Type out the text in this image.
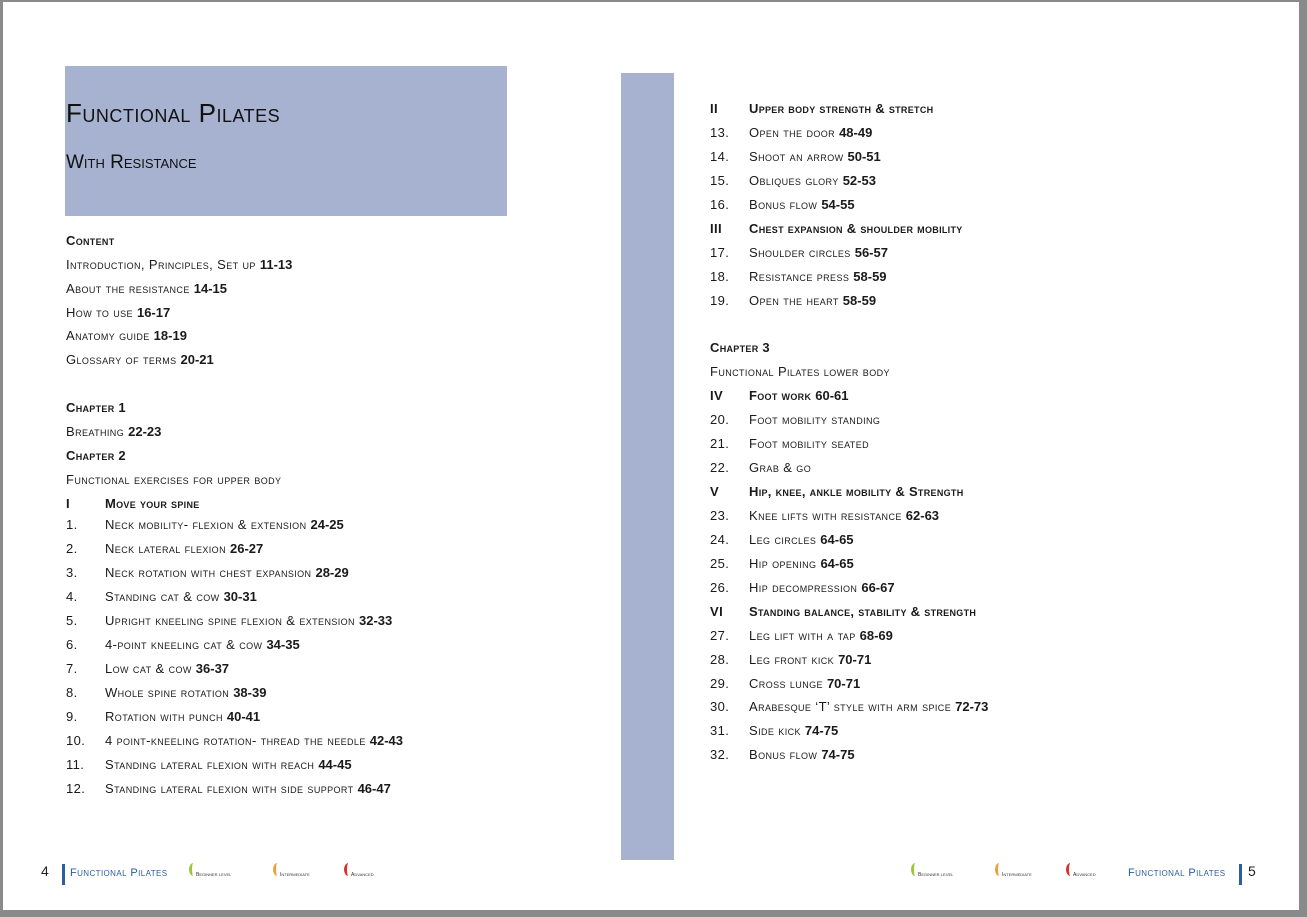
Functional Pilates
With Resistance
4 Functional Pilates	Beginner level	Intermediate	Advanced	Beginner level	Intermediate	Advanced	Functional Pilates 5
Content
Introduction, Principles, Set up 11-13
About the resistance 14-15
How to use 16-17
Anatomy guide 18-19
Glossary of terms 20-21
Chapter 1
Breathing 22-23
Chapter 2
Functional exercises for upper body
I	Move your spine
1. Neck mobility- flexion & extension 24-25
2. Neck lateral flexion 26-27
3. Neck rotation with chest expansion 28-29
4. Standing cat & cow 30-31
5. Upright kneeling spine flexion & extension 32-33
6. 4-point kneeling cat & cow 34-35
7. Low cat & cow 36-37
8. Whole spine rotation 38-39
9. Rotation with punch 40-41
10. 4 point-kneeling rotation- thread the needle 42-43
11. Standing lateral flexion with reach 44-45
12. Standing lateral flexion with side support 46-47
II Upper body strength & stretch
13. Open the door 48-49
14. Shoot an arrow 50-51
15. Obliques glory 52-53
16. Bonus flow 54-55
III Chest expansion & shoulder mobility
17. Shoulder circles 56-57
18. Resistance press 58-59
19. Open the heart 58-59
Chapter 3
Functional Pilates lower body
IV Foot work 60-61
20. Foot mobility standing
21. Foot mobility seated
22. Grab & go
V Hip, knee, ankle mobility & Strength
23. Knee lifts with resistance 62-63
24. Leg circles 64-65
25. Hip opening 64-65
26. Hip decompression 66-67
VI Standing balance, stability & strength
27. Leg lift with a tap 68-69
28. Leg front kick 70-71
29. Cross lunge 70-71
30. Arabesque ‘T’ style with arm spice 72-73
31. Side kick 74-75
32. Bonus flow 74-75
